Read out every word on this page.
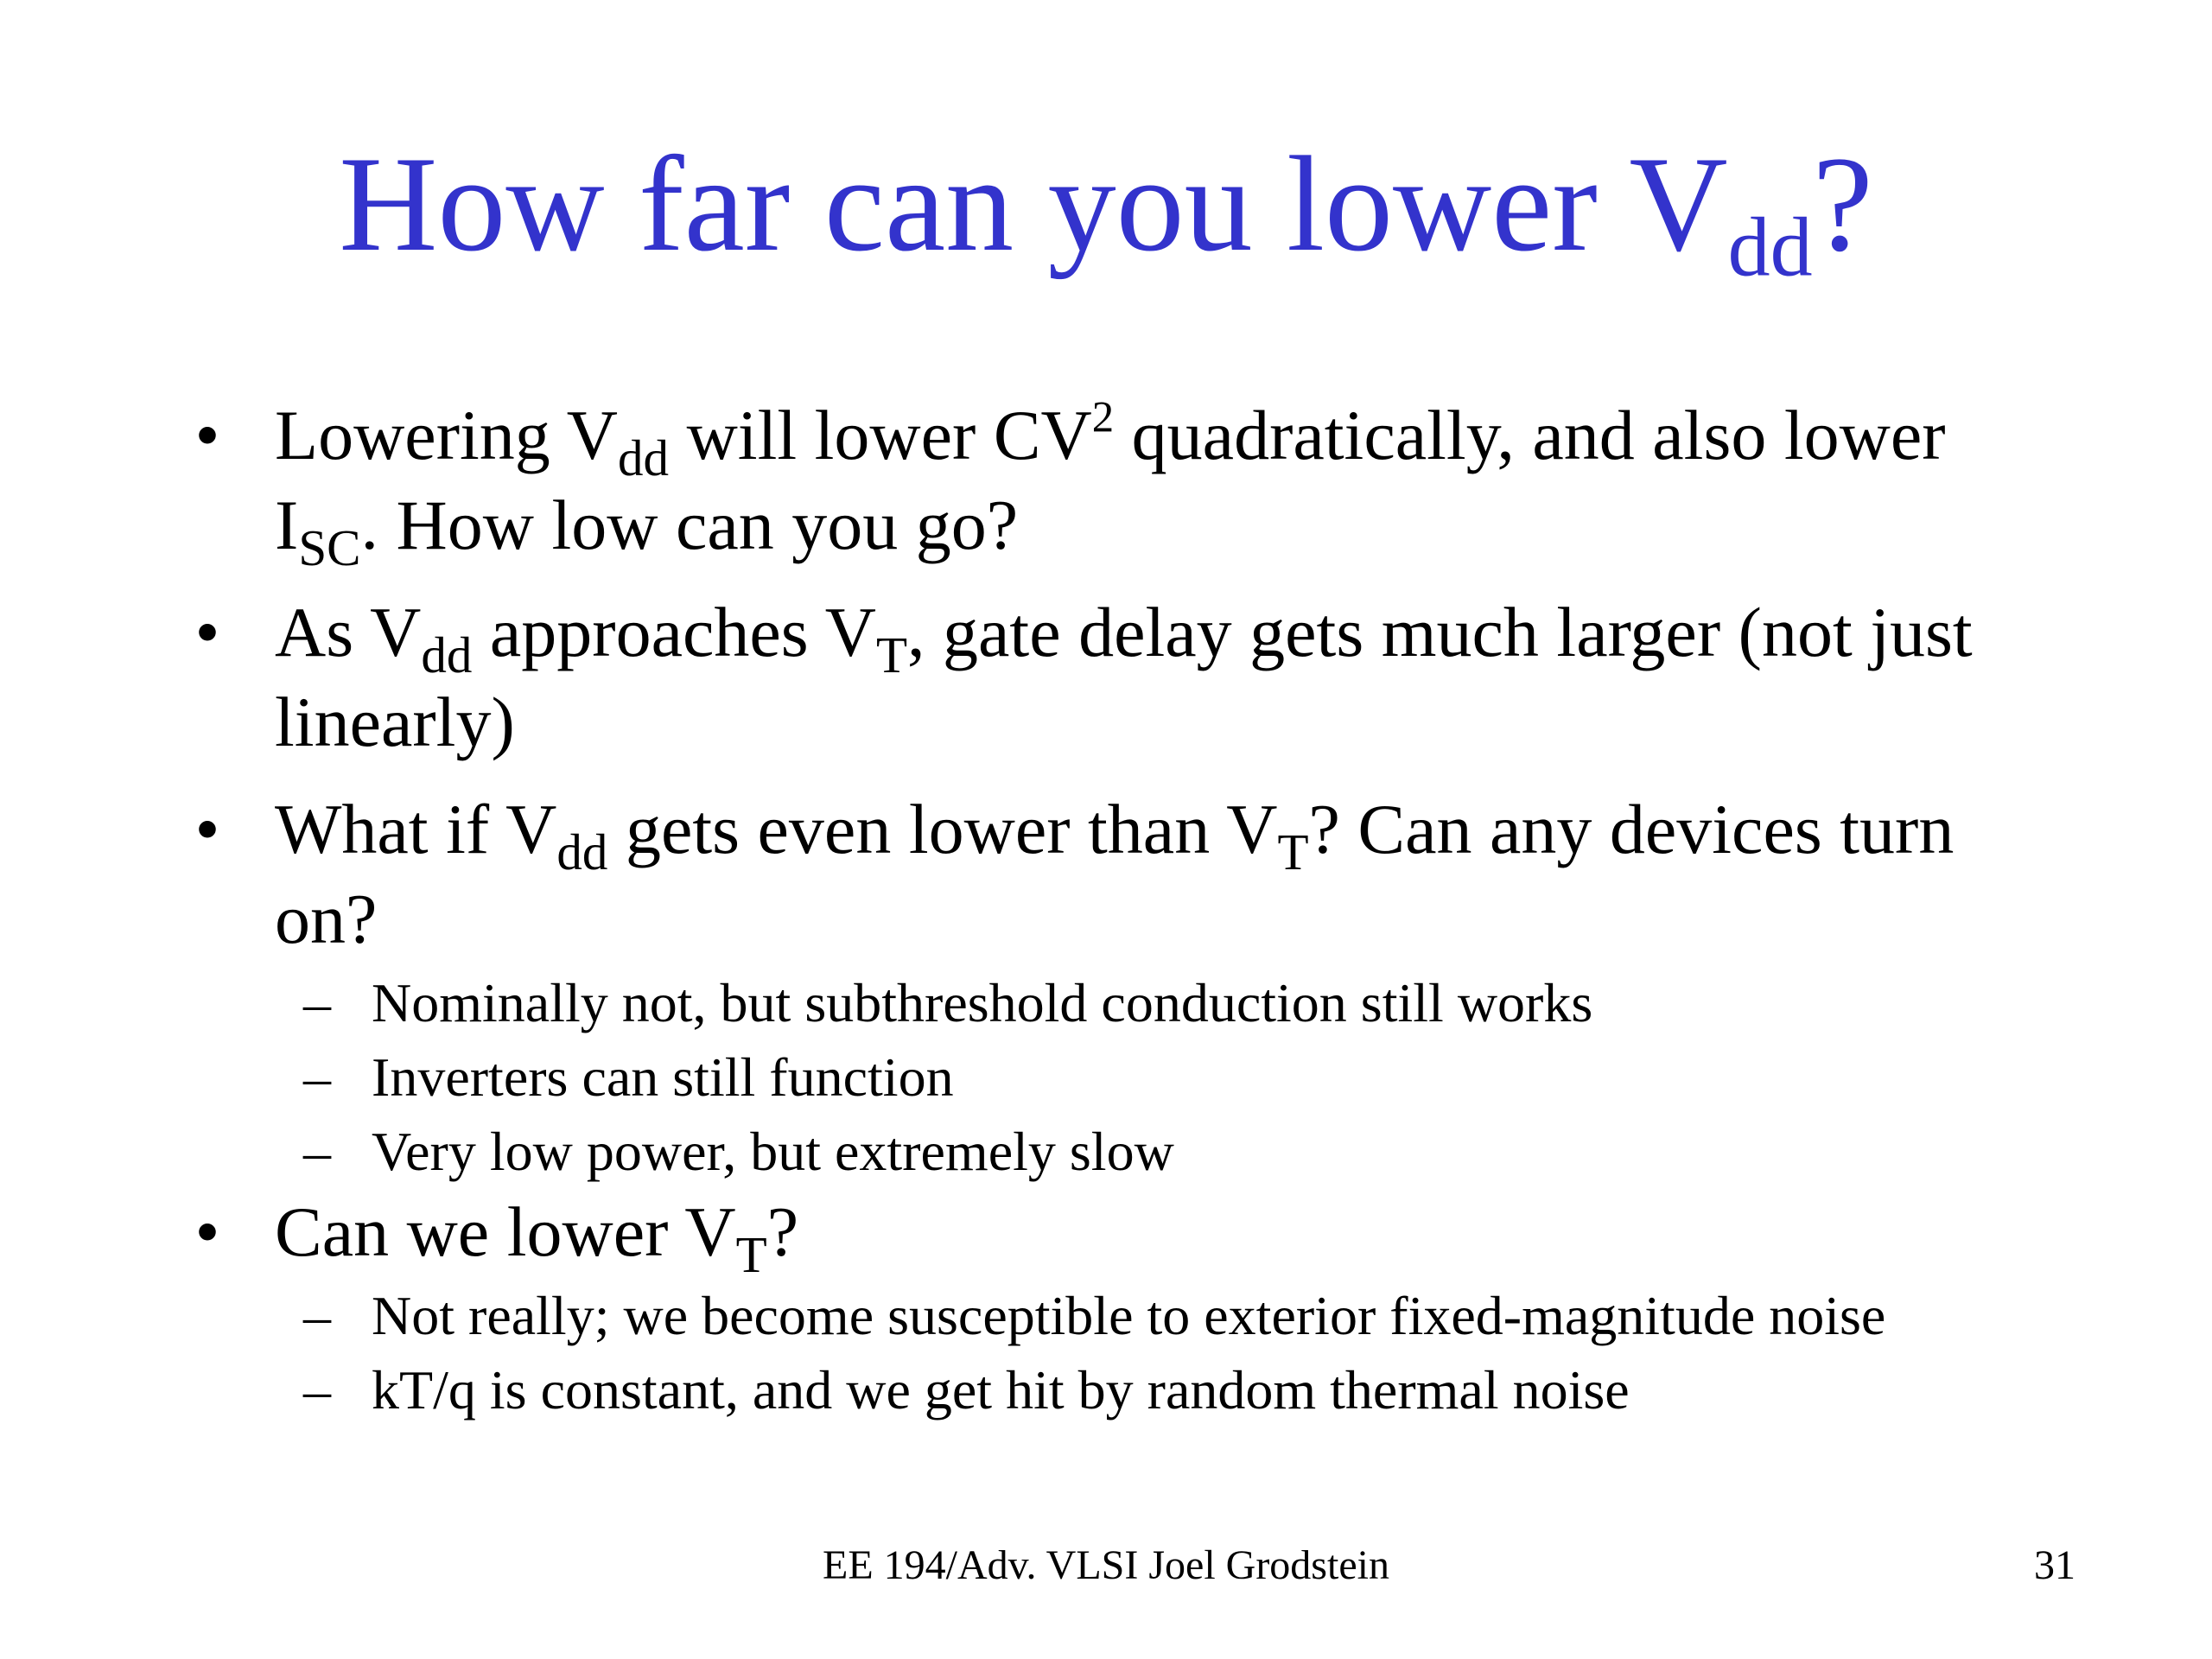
How far can you lower $V_{dd}$?
• Lowering $V_{dd}$ will lower $CV^2$ quadratically, and also lower
$I_{SC}$. How low can you go?
• As $V_{dd}$ approaches $V_T$, gate delay gets much larger (not just
linearly)
• What if $V_{dd}$ gets even lower than $V_T$? Can any devices turn
on?
– Nominally not, but subthreshold conduction still works
– Inverters can still function
– Very low power, but extremely slow
• Can we lower $V_T$?
– Not really; we become susceptible to exterior fixed-magnitude noise
– kT/q is constant, and we get hit by random thermal noise
EE 194/Adv. VLSI Joel Grodstein	31
